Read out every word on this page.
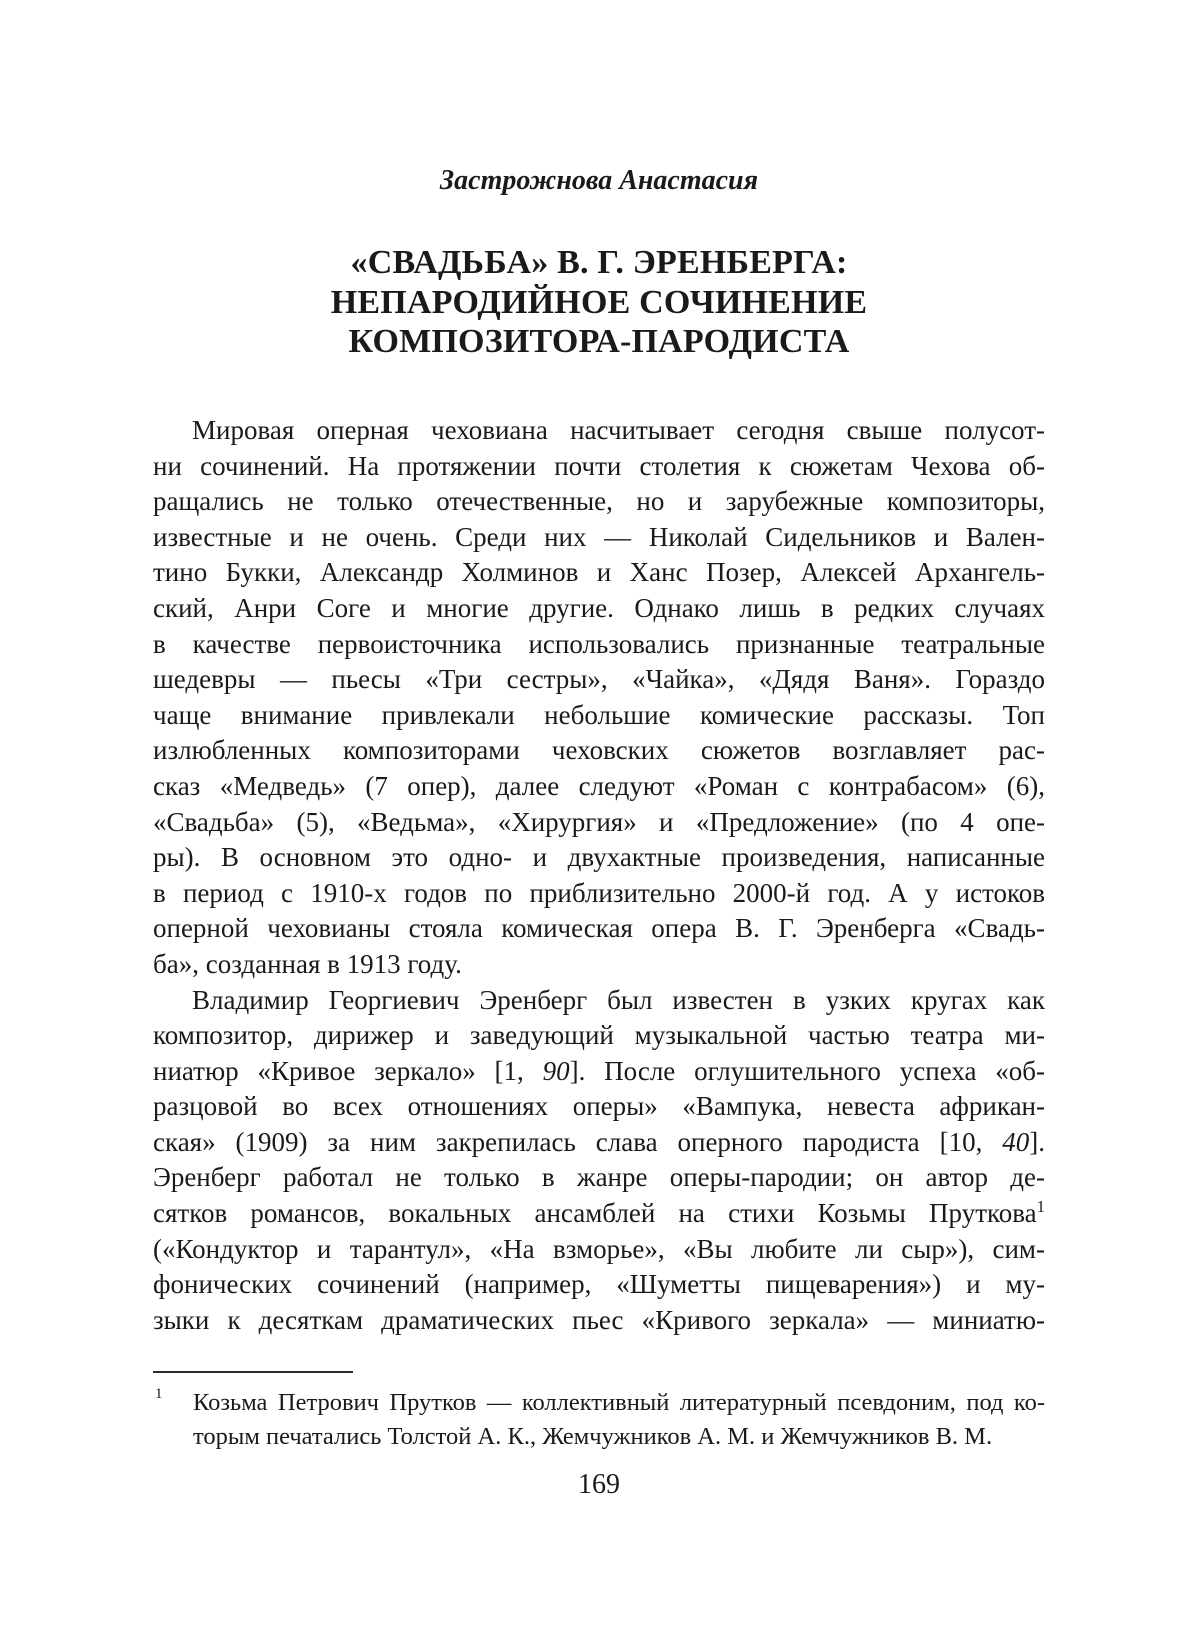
Застрожнова Анастасия
«СВАДЬБА» В. Г. ЭРЕНБЕРГА:
НЕПАРОДИЙНОЕ СОЧИНЕНИЕ
КОМПОЗИТОРА-ПАРОДИСТА
Мировая оперная чеховиана насчитывает сегодня свыше полусот-
ни сочинений. На протяжении почти столетия к сюжетам Чехова об-
ращались не только отечественные, но и зарубежные композиторы,
известные и не очень. Среди них — Николай Сидельников и Вален-
тино Букки, Александр Холминов и Ханс Позер, Алексей Архангель-
ский, Анри Соге и многие другие. Однако лишь в редких случаях
в качестве первоисточника использовались признанные театральные
шедевры — пьесы «Три сестры», «Чайка», «Дядя Ваня». Гораздо
чаще внимание привлекали небольшие комические рассказы. Топ
излюбленных композиторами чеховских сюжетов возглавляет рас-
сказ «Медведь» (7 опер), далее следуют «Роман с контрабасом» (6),
«Свадьба» (5), «Ведьма», «Хирургия» и «Предложение» (по 4 опе-
ры). В основном это одно- и двухактные произведения, написанные
в период с 1910-х годов по приблизительно 2000-й год. А у истоков
оперной чеховианы стояла комическая опера В. Г. Эренберга «Свадь-
ба», созданная в 1913 году.
Владимир Георгиевич Эренберг был известен в узких кругах как
композитор, дирижер и заведующий музыкальной частью театра ми-
ниатюр «Кривое зеркало» [1, 90]. После оглушительного успеха «об-
разцовой во всех отношениях оперы» «Вампука, невеста африкан-
ская» (1909) за ним закрепилась слава оперного пародиста [10, 40].
Эренберг работал не только в жанре оперы-пародии; он автор де-
сятков романсов, вокальных ансамблей на стихи Козьмы Пруткова$^1$
(«Кондуктор и тарантул», «На взморье», «Вы любите ли сыр»), сим-
фонических сочинений (например, «Шуметты пищеварения») и му-
зыки к десяткам драматических пьес «Кривого зеркала» — миниатю-
1 Козьма Петрович Прутков — коллективный литературный псевдоним, под ко-
торым печатались Толстой А. К., Жемчужников А. М. и Жемчужников В. М.
169
